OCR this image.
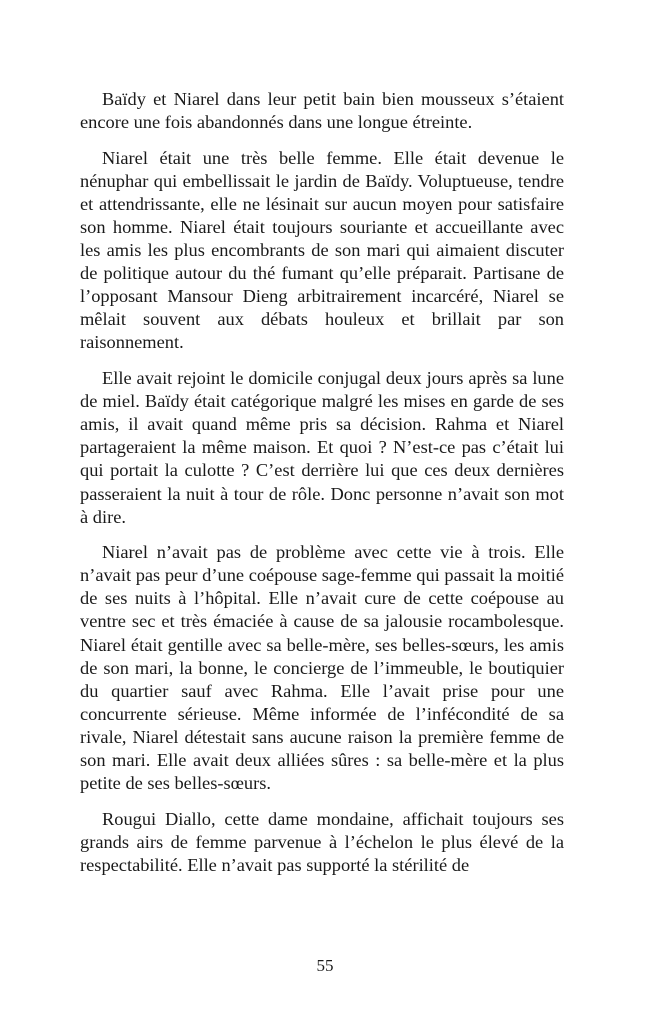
Baïdy et Niarel dans leur petit bain bien mousseux s’étaient encore une fois abandonnés dans une longue étreinte.

Niarel était une très belle femme. Elle était devenue le nénuphar qui embellissait le jardin de Baïdy. Voluptueuse, tendre et attendrissante, elle ne lésinait sur aucun moyen pour satisfaire son homme. Niarel était toujours souriante et accueillante avec les amis les plus encombrants de son mari qui aimaient discuter de politique autour du thé fumant qu’elle préparait. Partisane de l’opposant Mansour Dieng arbitrairement incarcéré, Niarel se mêlait souvent aux débats houleux et brillait par son raisonnement.

Elle avait rejoint le domicile conjugal deux jours après sa lune de miel. Baïdy était catégorique malgré les mises en garde de ses amis, il avait quand même pris sa décision. Rahma et Niarel partageraient la même maison. Et quoi ? N’est-ce pas c’était lui qui portait la culotte ? C’est derrière lui que ces deux dernières passeraient la nuit à tour de rôle. Donc personne n’avait son mot à dire.

Niarel n’avait pas de problème avec cette vie à trois. Elle n’avait pas peur d’une coépouse sage-femme qui passait la moitié de ses nuits à l’hôpital. Elle n’avait cure de cette coépouse au ventre sec et très émaciée à cause de sa jalousie rocambolesque. Niarel était gentille avec sa belle-mère, ses belles-sœurs, les amis de son mari, la bonne, le concierge de l’immeuble, le boutiquier du quartier sauf avec Rahma. Elle l’avait prise pour une concurrente sérieuse. Même informée de l’infécondité de sa rivale, Niarel détestait sans aucune raison la première femme de son mari. Elle avait deux alliées sûres : sa belle-mère et la plus petite de ses belles-sœurs.

Rougui Diallo, cette dame mondaine, affichait toujours ses grands airs de femme parvenue à l’échelon le plus élevé de la respectabilité. Elle n’avait pas supporté la stérilité de

55
